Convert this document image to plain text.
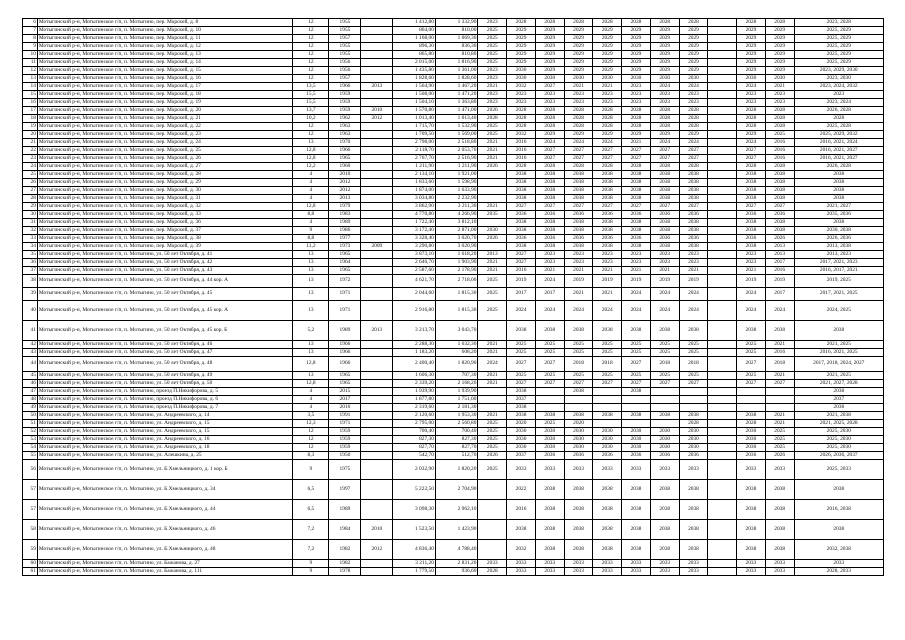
6	Мотыгинский р-н, Мотыгинское г/п, п. Мотыгино, пер. Морской, д. 8	12	1955		1 412,80	1 332,90	2023	2028	2028	2028	2028	2028	2028	2028		2028	2028	2023, 2028
7	Мотыгинский р-н, Мотыгинское г/п, п. Мотыгино, пер. Морской, д. 10	12	1955		864,00	810,00	2025	2029	2029	2029	2029	2029	2029	2029		2029	2029	2025, 2029
8	Мотыгинский р-н, Мотыгинское г/п, п. Мотыгино, пер. Морской, д. 11	12	1957		1 168,00	1 069,30	2025	2029	2029	2029	2029	2029	2029	2029		2029	2029	2025, 2029
9	Мотыгинский р-н, Мотыгинское г/п, п. Мотыгино, пер. Морской, д. 12	12	1955		896,30	836,30	2025	2029	2029	2029	2029	2029	2029	2029		2029	2029	2025, 2029
10	Мотыгинский р-н, Мотыгинское г/п, п. Мотыгино, пер. Морской, д. 13	12	1955		865,80	810,80	2025	2029	2029	2029	2029	2029	2029	2029		2029	2029	2025, 2029
11	Мотыгинский р-н, Мотыгинское г/п, п. Мотыгино, пер. Морской, д. 14	12	1956		2 015,00	1 816,90	2025	2029	2029	2029	2029	2029	2029	2029		2029	2029	2025, 2029
12	Мотыгинский р-н, Мотыгинское г/п, п. Мотыгино, пер. Морской, д. 15	12	1956		1 435,80	1 361,00	2023	2030	2029	2029	2029	2029	2029	2029		2029	2029	2023, 2029, 2030
13	Мотыгинский р-н, Мотыгинское г/п, п. Мотыгино, пер. Морской, д. 16	12	1957		1 828,60	1 828,60	2023	2030	2030	2030	2030	2030	2030	2030		2030	2030	2023, 2030
14	Мотыгинский р-н, Мотыгинское г/п, п. Мотыгино, пер. Морской, д. 17	13,5	1966	2013	1 564,90	1 467,20	2021	2032	2027	2021	2021	2023	2024	2024		2024	2021	2023, 2024, 2032
15	Мотыгинский р-н, Мотыгинское г/п, п. Мотыгино, пер. Морской, д. 18	15,5	1959		1 508,00	1 471,20	2023	2023	2023	2023	2023	2023	2023	2023		2023	2023	2023
16	Мотыгинский р-н, Мотыгинское г/п, п. Мотыгино, пер. Морской, д. 19	15,5	1959		1 504,10	1 363,80	2023	2023	2023	2023	2023	2023	2023	2023		2023	2023	2023, 2024
17	Мотыгинский р-н, Мотыгинское г/п, п. Мотыгино, пер. Морской, д. 20	13,7	1959	2010	1 570,80	1 471,00	2026	2028	2028	2028	2028	2028	2028	2028		2028	2028	2026, 2028
18	Мотыгинский р-н, Мотыгинское г/п, п. Мотыгино, пер. Морской, д. 21	10,2	1962	2012	1 013,40	1 013,40	2028	2028	2028	2028	2028	2028	2028	2028		2028	2028	2028
19	Мотыгинский р-н, Мотыгинское г/п, п. Мотыгино, пер. Морской, д. 22	12	1963		1 715,70	1 532,90	2025	2028	2028	2028	2028	2028	2028	2028		2028	2028	2025, 2028
20	Мотыгинский р-н, Мотыгинское г/п, п. Мотыгино, пер. Морской, д. 23	12	1963		1 709,50	1 569,00	2025	2032	2029	2029	2029	2029	2029	2029		2029	2025	2025, 2029, 2032
21	Мотыгинский р-н, Мотыгинское г/п, п. Мотыгино, пер. Морской, д. 24	13	1970		2 798,00	2 518,80	2021	2016	2024	2024	2024	2021	2024	2024		2024	2016	2016, 2021, 2024
22	Мотыгинский р-н, Мотыгинское г/п, п. Мотыгино, пер. Морской, д. 25	12,8	1966		2 118,70	2 053,70	2021	2016	2027	2027	2027	2027	2027	2027		2027	2016	2016, 2021, 2027
23	Мотыгинский р-н, Мотыгинское г/п, п. Мотыгино, пер. Морской, д. 26	12,8	1965		2 767,70	2 516,90	2021	2016	2027	2027	2027	2027	2027	2027		2027	2016	2016, 2021, 2027
24	Мотыгинский р-н, Мотыгинское г/п, п. Мотыгино, пер. Морской, д. 27	12,2	1960		1 211,90	1 211,90	2026	2028	2028	2028	2028	2028	2028	2028		2028	2028	2026, 2028
25	Мотыгинский р-н, Мотыгинское г/п, п. Мотыгино, пер. Морской, д. 28	4	2010		2 134,10	1 921,00		2038	2038	2038	2038	2038	2038	2038		2038	2038	2038
26	Мотыгинский р-н, Мотыгинское г/п, п. Мотыгино, пер. Морской, д. 29	4	2012		1 833,60	1 598,90		2038	2038	2038	2038	2038	2038	2038		2038	2038	2038
27	Мотыгинский р-н, Мотыгинское г/п, п. Мотыгино, пер. Морской, д. 30	4	2012		1 874,00	1 633,90		2038	2038	2038	2038	2038	2038	2038		2038	2038	2038
28	Мотыгинский р-н, Мотыгинское г/п, п. Мотыгино, пер. Морской, д. 31	4	2013		3 034,80	2 232,90		2038	2038	2038	2038	2038	2038	2038		2038	2038	2038
29	Мотыгинский р-н, Мотыгинское г/п, п. Мотыгино, пер. Морской, д. 32	12,8	1979		3 862,90	3 211,30	2021	2027	2027	2027	2027	2027	2027	2027		2027	2027	2021, 2027
30	Мотыгинский р-н, Мотыгинское г/п, п. Мотыгино, пер. Морской, д. 33	8,8	1983		4 770,80	4 266,90	2035	2036	2036	2036	2036	2036	2036	2036		2036	2036	2035, 2036
31	Мотыгинский р-н, Мотыгинское г/п, п. Мотыгино, пер. Морской, д. 36	4	1989		1 722,40	3 812,10		2038	2038	2038	2038	2038	2038	2038		2038	2038	2038
32	Мотыгинский р-н, Мотыгинское г/п, п. Мотыгино, пер. Морской, д. 37	9	1986		3 172,40	2 871,00	2030	2038	2038	2038	2038	2038	2038	2038		2038	2038	2030, 2038
33	Мотыгинский р-н, Мотыгинское г/п, п. Мотыгино, пер. Морской, д. 38	8,8	1977		3 328,40	3 020,70	2026	2036	2036	2036	2036	2036	2036	2036		2036	2026	2026, 2036
34	Мотыгинский р-н, Мотыгинское г/п, п. Мотыгино, пер. Морской, д. 39	11,2	1973	2009	3 290,80	3 020,90		2038	2038	2038	2038	2038	2038	2038		2038	2013	2013, 2038
35	Мотыгинский р-н, Мотыгинское г/п, п. Мотыгино, ул. 50 лет Октября, д. 41	13	1965		3 873,10	1 618,20	2013	2027	2023	2023	2023	2023	2023	2023		2023	2013	2013, 2023
36	Мотыгинский р-н, Мотыгинское г/п, п. Мотыгино, ул. 50 лет Октября, д. 42	13	1964		2 646,70	1 903,90	2021	2027	2023	2023	2023	2023	2023	2023		2023	2017	2017, 2021, 2023
37	Мотыгинский р-н, Мотыгинское г/п, п. Мотыгино, ул. 50 лет Октября, д. 43	13	1965		2 587,60	2 178,90	2021	2016	2021	2021	2021	2021	2021	2021		2021	2016	2016, 2017, 2021
38	Мотыгинский р-н, Мотыгинское г/п, п. Мотыгино, ул. 50 лет Октября, д. 44 кор. А	13	1972		4 621,70	2 718,00	2025	2019	2024	2019	2019	2019	2019	2019		2019	2019	2019, 2025
39	Мотыгинский р-н, Мотыгинское г/п, п. Мотыгино, ул. 50 лет Октября, д. 45	13	1971		2 044,60	1 815,30	2025	2017	2017	2021	2021	2024	2024	2024		2024	2017	2017, 2021, 2025
40	Мотыгинский р-н, Мотыгинское г/п, п. Мотыгино, ул. 50 лет Октября, д. 45 кор. А	13	1971		2 916,80	1 815,30	2025	2024	2024	2024	2024	2024	2024	2024		2024	2024	2024, 2025
41	Мотыгинский р-н, Мотыгинское г/п, п. Мотыгино, ул. 50 лет Октября, д. 45 кор. Б	5,2	1989	2013	3 213,70	3 043,70		2038	2038	2038	2038	2038	2038	2038		2038	2038	2038
42	Мотыгинский р-н, Мотыгинское г/п, п. Мотыгино, ул. 50 лет Октября, д. 46	13	1966		2 288,30	1 632,30	2021	2025	2025	2025	2025	2025	2025	2025		2025	2021	2021, 2025
43	Мотыгинский р-н, Мотыгинское г/п, п. Мотыгино, ул. 50 лет Октября, д. 47	13	1966		1 183,20	608,20	2021	2025	2025	2025	2025	2025	2025	2025		2025	2016	2016, 2021, 2025
44	Мотыгинский р-н, Мотыгинское г/п, п. Мотыгино, ул. 50 лет Октября, д. 48	12,8	1966		2 400,40	1 820,90	2024	2027	2027	2018	2018	2027	2018	2018		2027	2018	2017, 2018, 2024, 2027
45	Мотыгинский р-н, Мотыгинское г/п, п. Мотыгино, ул. 50 лет Октября, д. 49	13	1965		1 606,30	707,30	2021	2025	2025	2025	2025	2025	2025	2025		2025	2021	2021, 2025
46	Мотыгинский р-н, Мотыгинское г/п, п. Мотыгино, ул. 50 лет Октября, д. 50	12,8	1965		2 339,20	2 168,20	2021	2027	2027	2027	2027	2027	2027	2027		2027	2027	2021, 2027, 2028
47	Мотыгинский р-н, Мотыгинское г/п, п. Мотыгино, проезд П.Никифорова, д. 5	4	2015		1 939,90	1 939,90		2038		2038		2038						2038
48	Мотыгинский р-н, Мотыгинское г/п, п. Мотыгино, проезд П.Никифорова, д. 6	4	2017		1 877,80	1 751,00		2037										2037
49	Мотыгинский р-н, Мотыгинское г/п, п. Мотыгино, проезд П.Никифорова, д. 7	4	2016		2 319,60	2 181,30		2038										2038
50	Мотыгинский р-н, Мотыгинское г/п, п. Мотыгино, ул. Андреевского, д. 14	3,5	1991		2 120,60	1 953,30	2021	2038	2038	2038	2038	2038	2038	2038		2038	2021	2021, 2038
51	Мотыгинский р-н, Мотыгинское г/п, п. Мотыгино, ул. Андреевского, д. 15	12,3	1971		2 795,00	2 560,80	2025	2020	2025	2020				2028		2028	2021	2021, 2025, 2028
52	Мотыгинский р-н, Мотыгинское г/п, п. Мотыгино, ул. Андреевского, д. 15	12	1959		700,40	700,40	2025	2030	2030	2030	2030	2030	2030	2030		2030	2025	2025, 2030
53	Мотыгинский р-н, Мотыгинское г/п, п. Мотыгино, ул. Андреевского, д. 16	12	1959		827,30	827,30	2025	2030	2030	2030	2030	2030	2030	2030		2030	2025	2025, 2030
54	Мотыгинский р-н, Мотыгинское г/п, п. Мотыгино, ул. Андреевского, д. 18	12	1959		827,70	827,70	2025	2030	2030	2030	2030	2030	2030	2030		2030	2025	2025, 2030
55	Мотыгинский р-н, Мотыгинское г/п, п. Мотыгино, ул. Алешкина, д. 25	8,3	1950		542,70	512,70	2026	2037	2036	2036	2036	2036	2036	2036		2036	2026	2026, 2036, 2037
56	Мотыгинский р-н, Мотыгинское г/п, п. Мотыгино, ул. Б.Хмельницкого, д. 1 кор. Б	9	1975		2 032,90	1 820,20	2025	2033	2033	2033	2033	2033	2033	2033		2033	2033	2025, 2033
57	Мотыгинский р-н, Мотыгинское г/п, п. Мотыгино, ул. Б.Хмельницкого, д. 34	6,5	1997		5 222,50	2 704,90		2022	2038	2038	2038	2038	2038	2038		2038	2038	2038
57	Мотыгинский р-н, Мотыгинское г/п, п. Мотыгино, ул. Б.Хмельницкого, д. 44	6,5	1989		3 098,30	2 962,10		2016	2038	2038	2038	2038	2038	2038		2038	2038	2016, 2038
58	Мотыгинский р-н, Мотыгинское г/п, п. Мотыгино, ул. Б.Хмельницкого, д. 46	7,2	1984	2010	1 523,50	1 423,90		2038	2038	2038	2038	2038	2038	2038		2038	2038	2038
59	Мотыгинский р-н, Мотыгинское г/п, п. Мотыгино, ул. Б.Хмельницкого, д. 48	7,2	1982	2012	4 836,40	4 788,40		2032	2038	2038	2038	2038	2038	2038		2038	2038	2032, 2038
60	Мотыгинский р-н, Мотыгинское г/п, п. Мотыгино, ул. Бажанова, д. 27	9	1982		3 211,20	2 831,20	2033	2033	2033	2033	2033	2033	2033	2033		2033	2033	2033
61	Мотыгинский р-н, Мотыгинское г/п, п. Мотыгино, ул. Бажанова, д. 111	9	1978		1 779,50	936,60	2028	2033	2033	2033	2033	2033	2033	2033		2033	2033	2028, 2033
